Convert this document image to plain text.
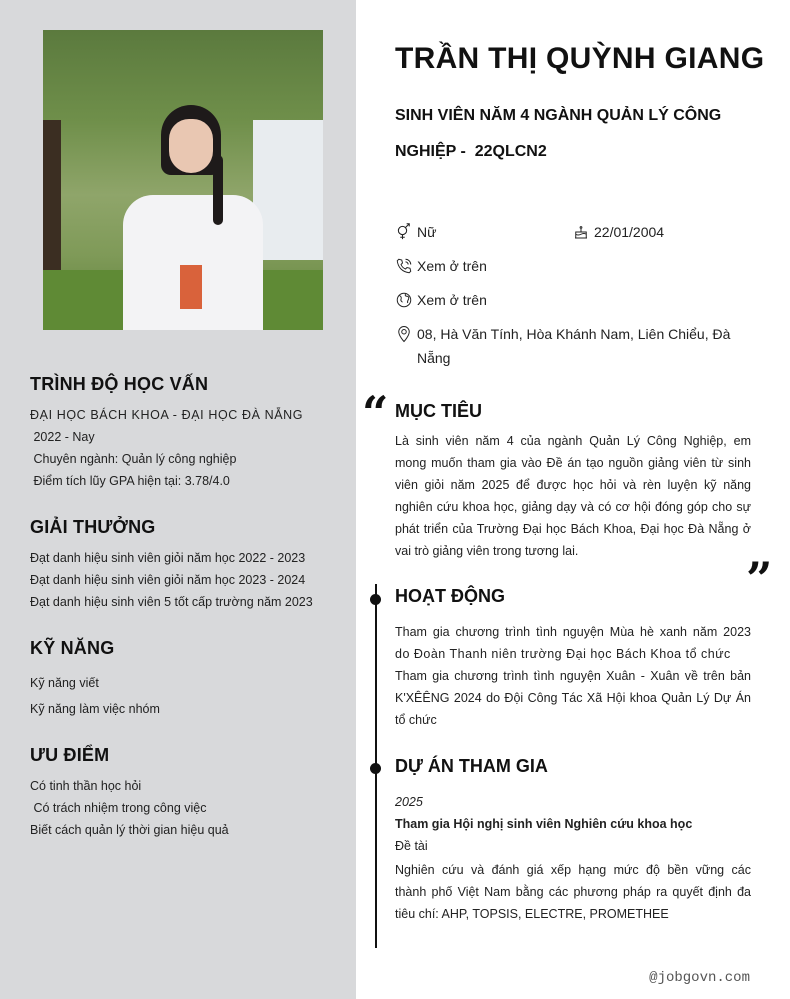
TRÌNH ĐỘ HỌC VẤN
ĐẠI HỌC BÁCH KHOA - ĐẠI HỌC ĐÀ NẴNG
2022 - Nay
Chuyên ngành: Quản lý công nghiệp
Điểm tích lũy GPA hiện tại: 3.78/4.0
GIẢI THƯỞNG
Đạt danh hiệu sinh viên giỏi năm học 2022 - 2023
Đạt danh hiệu sinh viên giỏi năm học 2023 - 2024
Đạt danh hiệu sinh viên 5 tốt cấp trường năm 2023
KỸ NĂNG
Kỹ năng viết
Kỹ năng làm việc nhóm
ƯU ĐIỂM
Có tinh thần học hỏi
Có trách nhiệm trong công việc
Biết cách quản lý thời gian hiệu quả
TRẦN THỊ QUỲNH GIANG
SINH VIÊN NĂM 4 NGÀNH QUẢN LÝ CÔNG
NGHIỆP -  22QLCN2
Nữ	22/01/2004
Xem ở trên
Xem ở trên
08, Hà Văn Tính, Hòa Khánh Nam, Liên Chiểu, Đà
Nẵng
“ MỤC TIÊU
Là sinh viên năm 4 của ngành Quản Lý Công Nghiệp, em
mong muốn tham gia vào Đề án tạo nguồn giảng viên từ sinh
viên giỏi năm 2025 để được học hỏi và rèn luyện kỹ năng
nghiên cứu khoa học, giảng dạy và có cơ hội đóng góp cho sự
phát triển của Trường Đại học Bách Khoa, Đại học Đà Nẵng ở
vai trò giảng viên trong tương lai.
”
HOẠT ĐỘNG
Tham gia chương trình tình nguyện Mùa hè xanh năm 2023
do Đoàn Thanh niên trường Đại học Bách Khoa tổ chức
Tham gia chương trình tình nguyện Xuân - Xuân về trên bản
K'XÊÊNG 2024 do Đội Công Tác Xã Hội khoa Quản Lý Dự Án
tổ chức
DỰ ÁN THAM GIA
2025
Tham gia Hội nghị sinh viên Nghiên cứu khoa học
Đề tài
Nghiên cứu và đánh giá xếp hạng mức độ bền vững các
thành phố Việt Nam bằng các phương pháp ra quyết định đa
tiêu chí: AHP, TOPSIS, ELECTRE, PROMETHEE
@jobgovn.com
